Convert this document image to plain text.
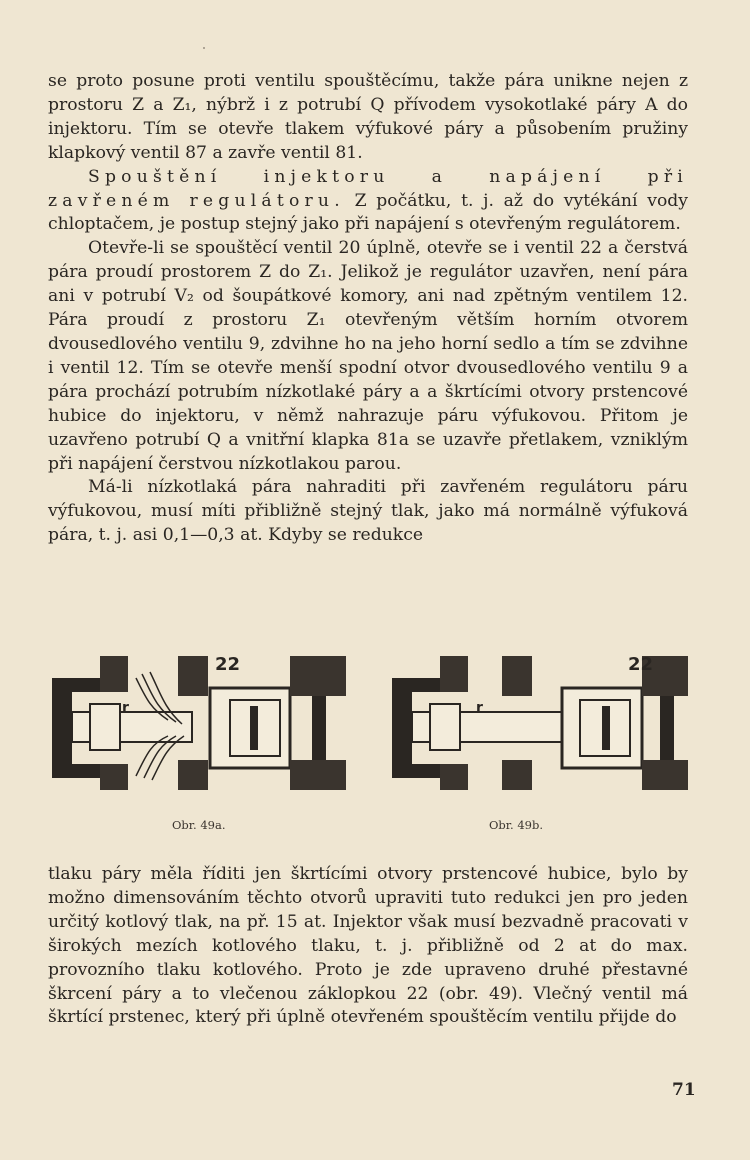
se proto posune proti ventilu spouštěcímu, takže pára unikne nejen z prostoru Z a Z₁, nýbrž i z potrubí Q přívodem vysokotlaké páry A do injektoru. Tím se otevře tlakem výfukové páry a působením pružiny klapkový ventil 87 a zavře ventil 81.

Spouštění injektoru a napájení při zavřeném regulátoru. Z počátku, t. j. až do vytékání vody chloptačem, je postup stejný jako při napájení s otevřeným regulátorem.

Otevře-li se spouštěcí ventil 20 úplně, otevře se i ventil 22 a čerstvá pára proudí prostorem Z do Z₁. Jelikož je regulátor uzavřen, není pára ani v potrubí V₂ od šoupátkové komory, ani nad zpětným ventilem 12. Pára proudí z prostoru Z₁ otevřeným větším horním otvorem dvousedlového ventilu 9, zdvihne ho na jeho horní sedlo a tím se zdvihne i ventil 12. Tím se otevře menší spodní otvor dvousedlového ventilu 9 a pára prochází potrubím nízkotlaké páry a a škrtícími otvory prstencové hubice do injektoru, v němž nahrazuje páru výfukovou. Přitom je uzavřeno potrubí Q a vnitřní klapka 81a se uzavře přetlakem, vzniklým při napájení čerstvou nízkotlakou parou.

Má-li nízkotlaká pára nahraditi při zavřeném regulátoru páru výfukovou, musí míti přibližně stejný tlak, jako má normálně výfuková pára, t. j. asi 0,1—0,3 at. Kdyby se redukce

22
r
22
r
Obr. 49a.	Obr. 49b.

tlaku páry měla říditi jen škrtícími otvory prstencové hubice, bylo by možno dimensováním těchto otvorů upraviti tuto redukci jen pro jeden určitý kotlový tlak, na př. 15 at. Injektor však musí bezvadně pracovati v širokých mezích kotlového tlaku, t. j. přibližně od 2 at do max. provozního tlaku kotlového. Proto je zde upraveno druhé přestavné škrcení páry a to vlečenou záklopkou 22 (obr. 49). Vlečný ventil má škrtící prstenec, který při úplně otevřeném spouštěcím ventilu přijde do

71
